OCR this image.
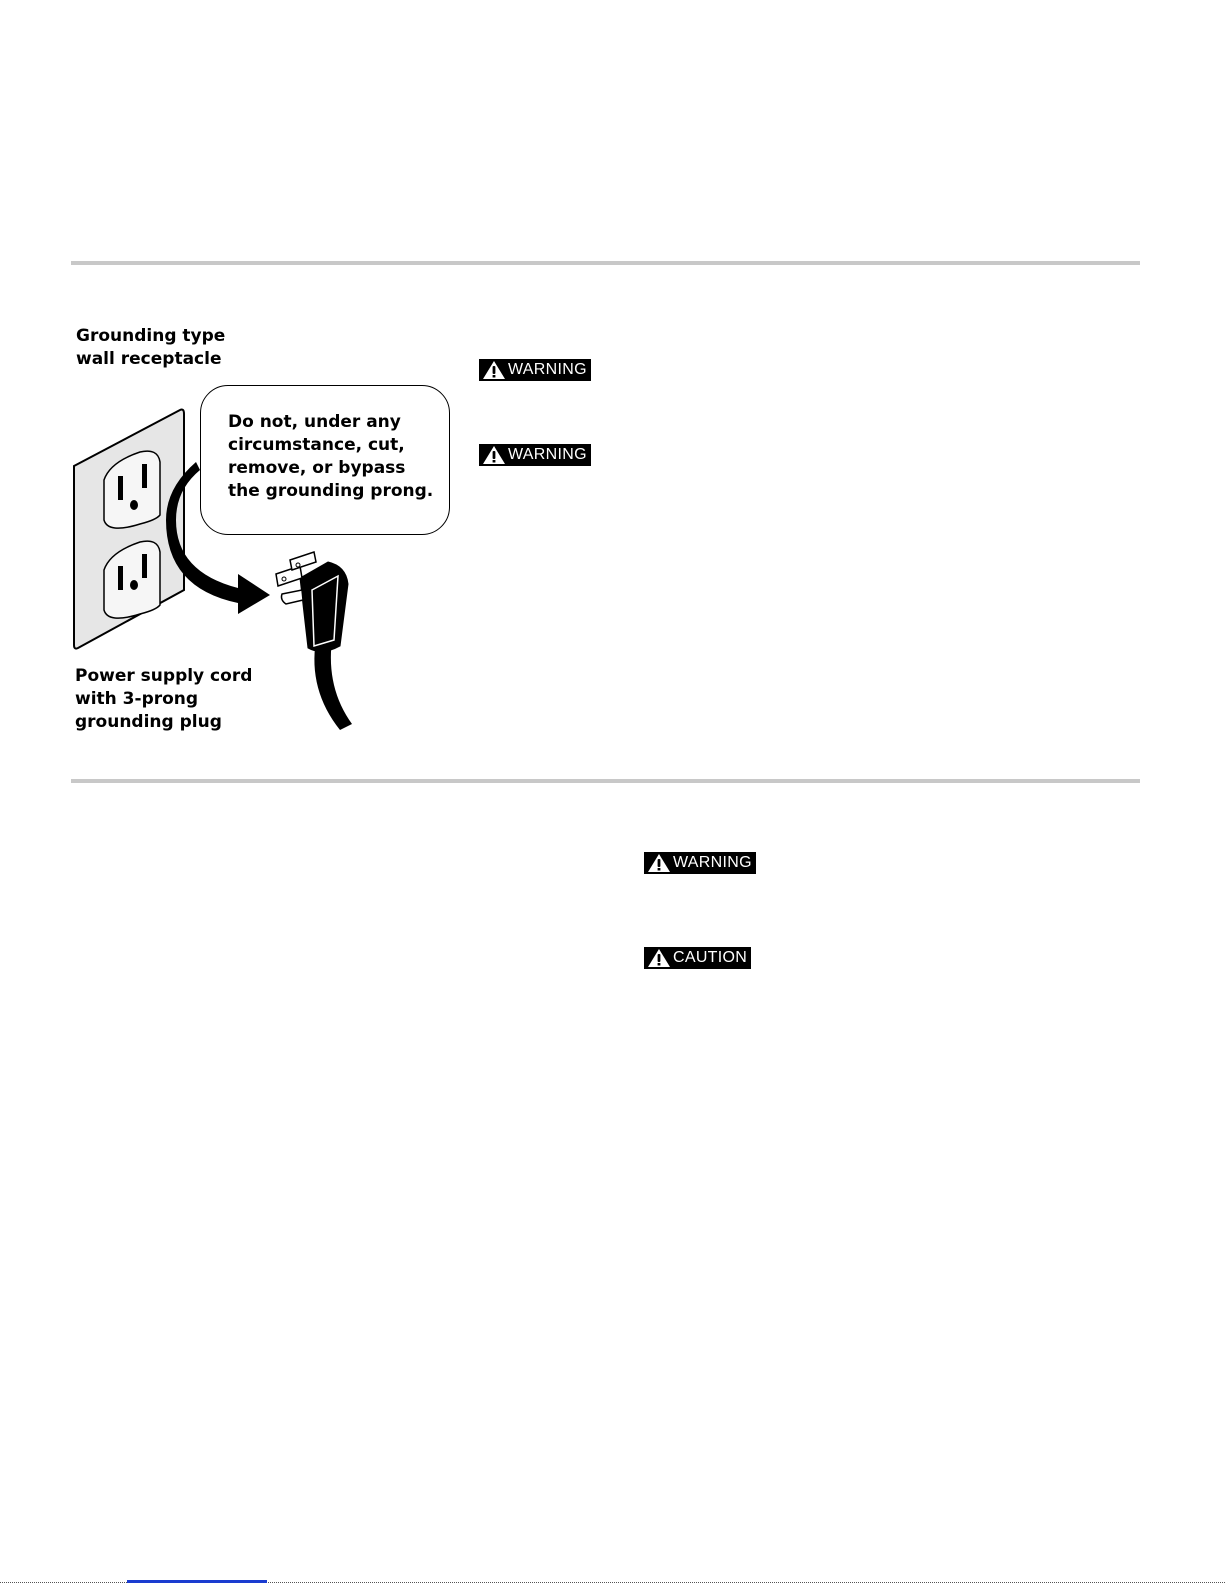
Grounding type
wall receptacle
Do not, under any
circumstance, cut,
remove, or bypass
the grounding prong.
Power supply cord
with 3-prong
grounding plug
WARNING
WARNING
WARNING
CAUTION
